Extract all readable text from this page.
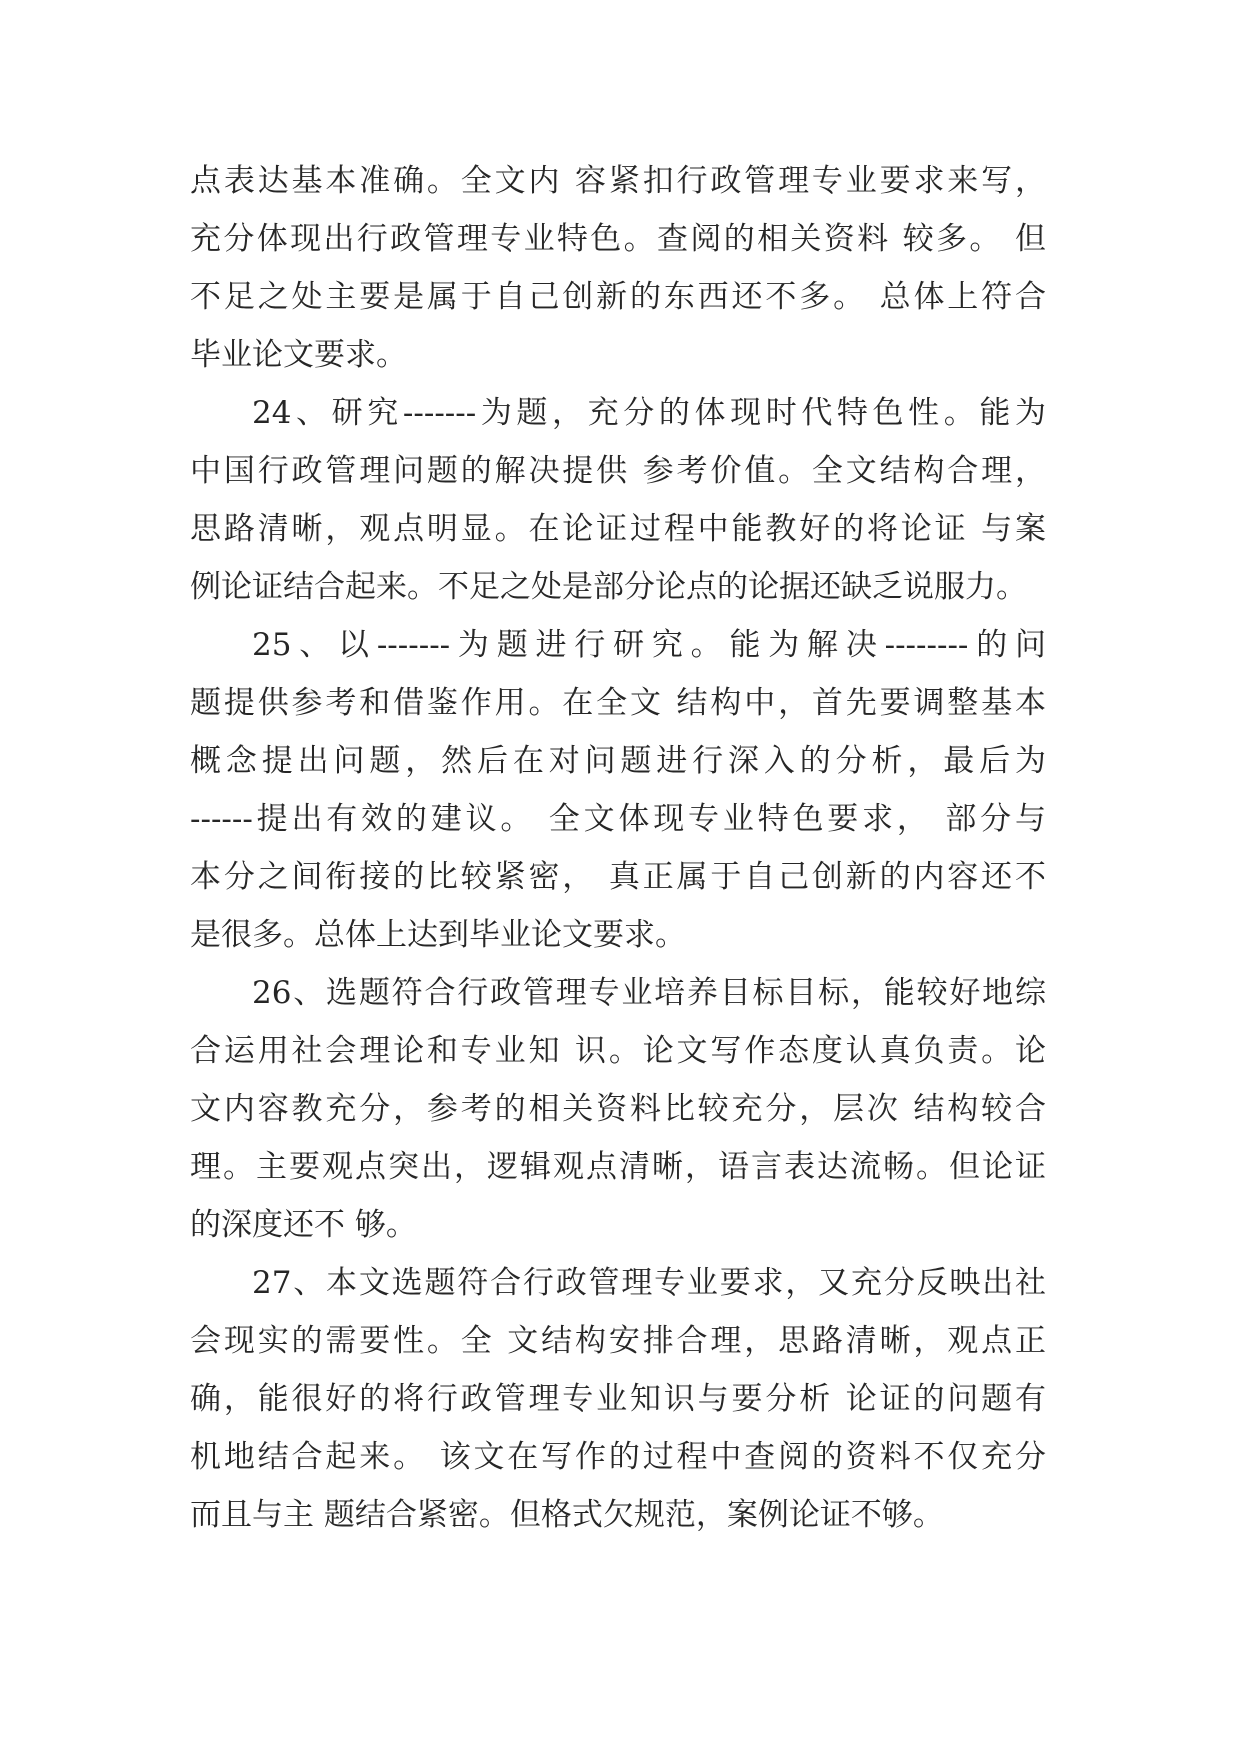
点表达基本准确。全文内 容紧扣行政管理专业要求来写，
充分体现出行政管理专业特色。查阅的相关资料 较多。 但
不足之处主要是属于自己创新的东西还不多。 总体上符合
毕业论文要求。
24、研究-------为题，充分的体现时代特色性。能为
中国行政管理问题的解决提供 参考价值。全文结构合理，
思路清晰，观点明显。在论证过程中能教好的将论证 与案
例论证结合起来。不足之处是部分论点的论据还缺乏说服力。
25、以-------为题进行研究。能为解决--------的问
题提供参考和借鉴作用。在全文 结构中，首先要调整基本
概念提出问题，然后在对问题进行深入的分析，最后为
------提出有效的建议。 全文体现专业特色要求， 部分与
本分之间衔接的比较紧密， 真正属于自己创新的内容还不
是很多。总体上达到毕业论文要求。
26、选题符合行政管理专业培养目标目标，能较好地综
合运用社会理论和专业知 识。论文写作态度认真负责。论
文内容教充分，参考的相关资料比较充分，层次 结构较合
理。主要观点突出，逻辑观点清晰，语言表达流畅。但论证
的深度还不 够。
27、本文选题符合行政管理专业要求，又充分反映出社
会现实的需要性。全 文结构安排合理，思路清晰，观点正
确，能很好的将行政管理专业知识与要分析 论证的问题有
机地结合起来。 该文在写作的过程中查阅的资料不仅充分
而且与主 题结合紧密。但格式欠规范，案例论证不够。
